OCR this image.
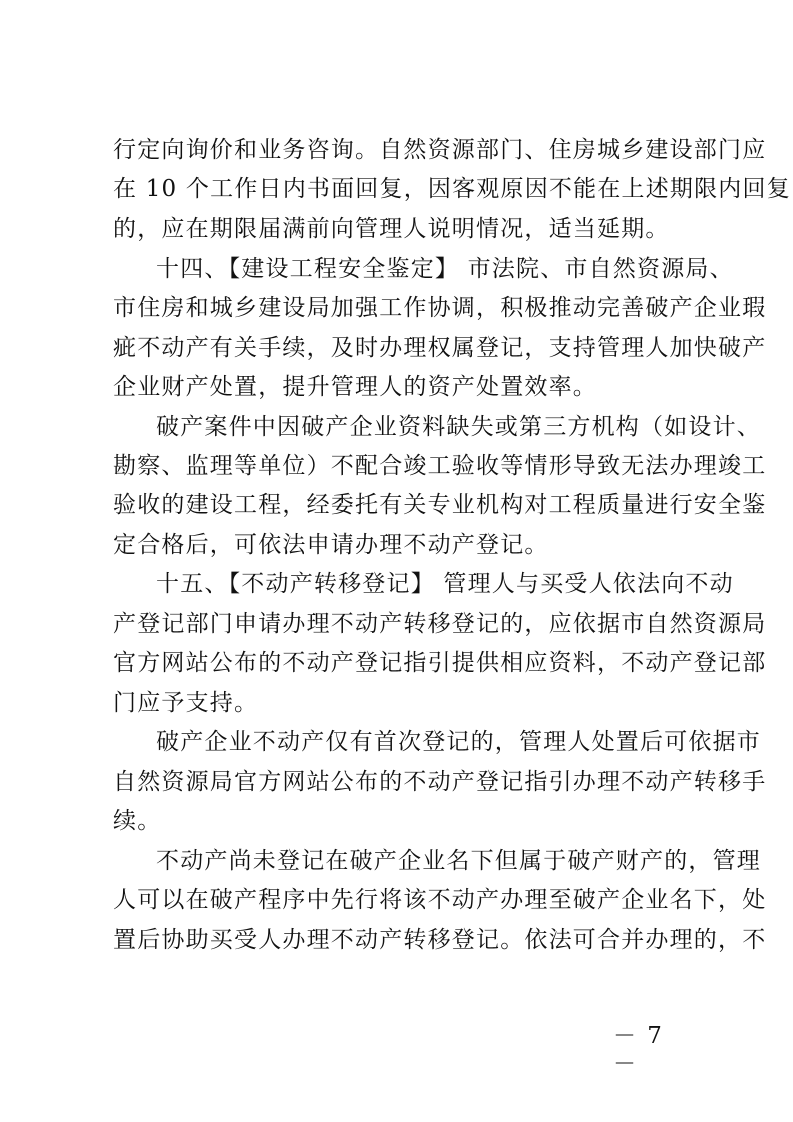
行定向询价和业务咨询。自然资源部门、住房城乡建设部门应
在 10 个工作日内书面回复，因客观原因不能在上述期限内回复
的，应在期限届满前向管理人说明情况，适当延期。
十四、【建设工程安全鉴定】 市法院、市自然资源局、
市住房和城乡建设局加强工作协调，积极推动完善破产企业瑕
疵不动产有关手续，及时办理权属登记，支持管理人加快破产
企业财产处置，提升管理人的资产处置效率。
破产案件中因破产企业资料缺失或第三方机构（如设计、
勘察、监理等单位）不配合竣工验收等情形导致无法办理竣工
验收的建设工程，经委托有关专业机构对工程质量进行安全鉴
定合格后，可依法申请办理不动产登记。
十五、【不动产转移登记】 管理人与买受人依法向不动
产登记部门申请办理不动产转移登记的，应依据市自然资源局
官方网站公布的不动产登记指引提供相应资料，不动产登记部
门应予支持。
破产企业不动产仅有首次登记的，管理人处置后可依据市
自然资源局官方网站公布的不动产登记指引办理不动产转移手
续。
不动产尚未登记在破产企业名下但属于破产财产的，管理
人可以在破产程序中先行将该不动产办理至破产企业名下，处
置后协助买受人办理不动产转移登记。依法可合并办理的，不
－ 7 －
